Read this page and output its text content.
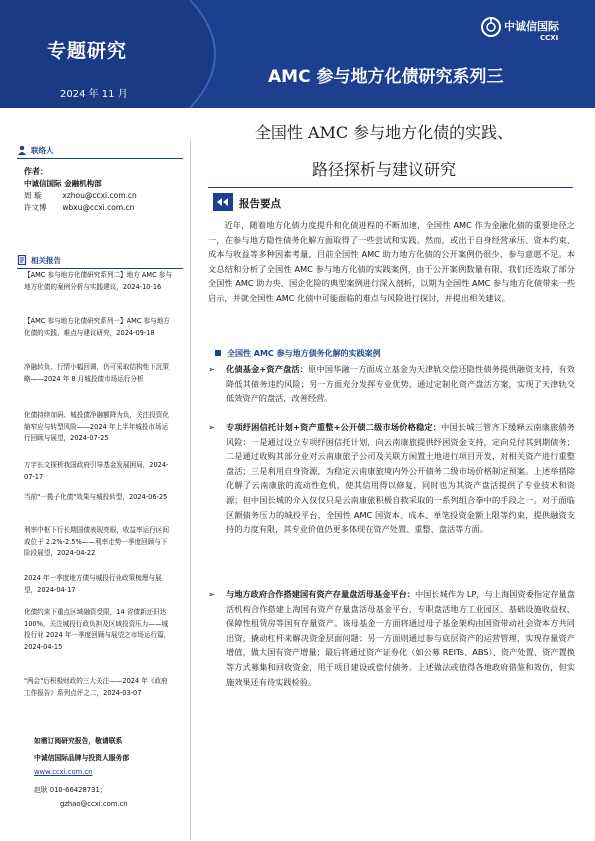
专题研究
2024 年 11 月
AMC 参与地方化债研究系列三
中诚信国际
CCXI
全国性 AMC 参与地方化债的实践、
路径探析与建议研究
联络人
作者：
中诚信国际 金融机构部
周 璇	xzhou@ccxi.com.cn
许文博 wbxu@ccxi.com.cn
相关报告
【AMC 参与地方化债研究系列二】地方 AMC 参与地方化债的案例分析与实践建议，2024-10-16
【AMC 参与地方化债研究系列一】AMC 参与地方化债的实践、难点与建议研究，2024-09-18
净融转负、行情小幅回调，仍可采取结构性下沉策略——2024 年 8 月城投债市场运行分析
化债持续加码、城投债净融额降为负，关注投资化缩窄应与转型风险——2024 年上半年城投市场运行回顾与展望，2024-07-25
万字长文探析我国政府引导基金发展困局，2024-07-17
当前"一揽子化债"效果与城投转型，2024-06-25
利率中枢下行长期国债表现亮眼，收益率运行区间或位于 2.2%-2.5%——利率走势一季度回顾与下阶段展望，2024-04-22
2024 年一季度地方债与城投行业政策梳理与展望，2024-04-17
化债约束下重点区域融资受限，14 省债新还旧达 100%，关注城投行政负担及区域投资压力——城投行业 2024 年一季度回顾与展望之市场运行篇，2024-04-15
"两会"后积极财政的三大关注——2024 年《政府工作报告》系列点评之二，2024-03-07
如需订阅研究报告，敬请联系
中诚信国际品牌与投资人服务部
www.ccxi.com.cn
赵耿 010-66428731；
gzhao@ccxi.com.cn
报告要点
近年，随着地方化债力度提升和化债进程的不断加速，全国性 AMC 作为金融化债的重要途径之一，在参与地方隐性债务化解方面取得了一些尝试和实践。然而，或出于自身经营承压、资本约束、成本与收益等多种因素考量，目前全国性 AMC 助力地方化债的公开案例仍很少，参与意愿不足。本文总结和分析了全国性 AMC 参与地方化债的实践案例，由于公开案例数量有限，我们还选取了部分全国性 AMC 助力央、国企化险的典型案例进行深入剖析，以期为全国性 AMC 参与地方化债带来一些启示，并就全国性 AMC 化债中可能面临的难点与风险进行探讨，并提出相关建议。
全国性 AMC 参与地方债务化解的实践案例
➢	化债基金+资产盘活：原中国华融一方面成立基金为天津轨交偿还隐性债务提供融资支持，有效降低其债务违约风险；另一方面充分发挥专业优势，通过定制化资产盘活方案，实现了天津轨交低效资产的盘活，改善经营。
➢	专项纾困信托计划+资产重整+公开债二级市场价格稳定：中国长城三管齐下缓释云南康旅债务风险：一是通过设立专项纾困信托计划，向云南康旅提供纾困资金支持，定向兑付其到期债务；二是通过收购其部分业对云南康旅子公司及关联方闲置土地进行项目开发，对相关资产进行重整盘活；三是利用自身资源，为稳定云南康旅境内外公开债务二级市场价格制定预案。上述举措除化解了云南康旅的流动性危机，使其信用得以修复，同时也为其资产盘活提供了专业技术和资源；但中国长城的介入仅仅只是云南康旅积极自救采取的一系列组合拳中的手段之一。对于面临区额债务压力的城投平台，全国性 AMC 国资本、成本、单笔投资金额上限等约束，提供融资支持的力度有限，其专业价值仍更多体现在资产处置、重整、盘活等方面。
➢	与地方政府合作搭建国有资产存量盘活母基金平台：中国长城作为 LP，与上海国资委指定存量盘活机构合作搭建上海国有资产存量盘活母基金平台，专职盘活地方工业园区、基础设施收益权、保障性租赁房等国有存量资产。该母基金一方面将通过母子基金架构由国资带动社会资本方共同出资，撬动杠杆来解决资金层面问题；另一方面则通过参与底层资产的运营管理，实现存量资产增值，做大国有资产增量；最后将通过资产证券化（如公募 REITs、ABS）、资产处置、资产置换等方式募集和回收资金，用于项目建设或偿付债务。上述做法或值得各地政府借鉴和效仿，但实施效果还有待实践检验。
